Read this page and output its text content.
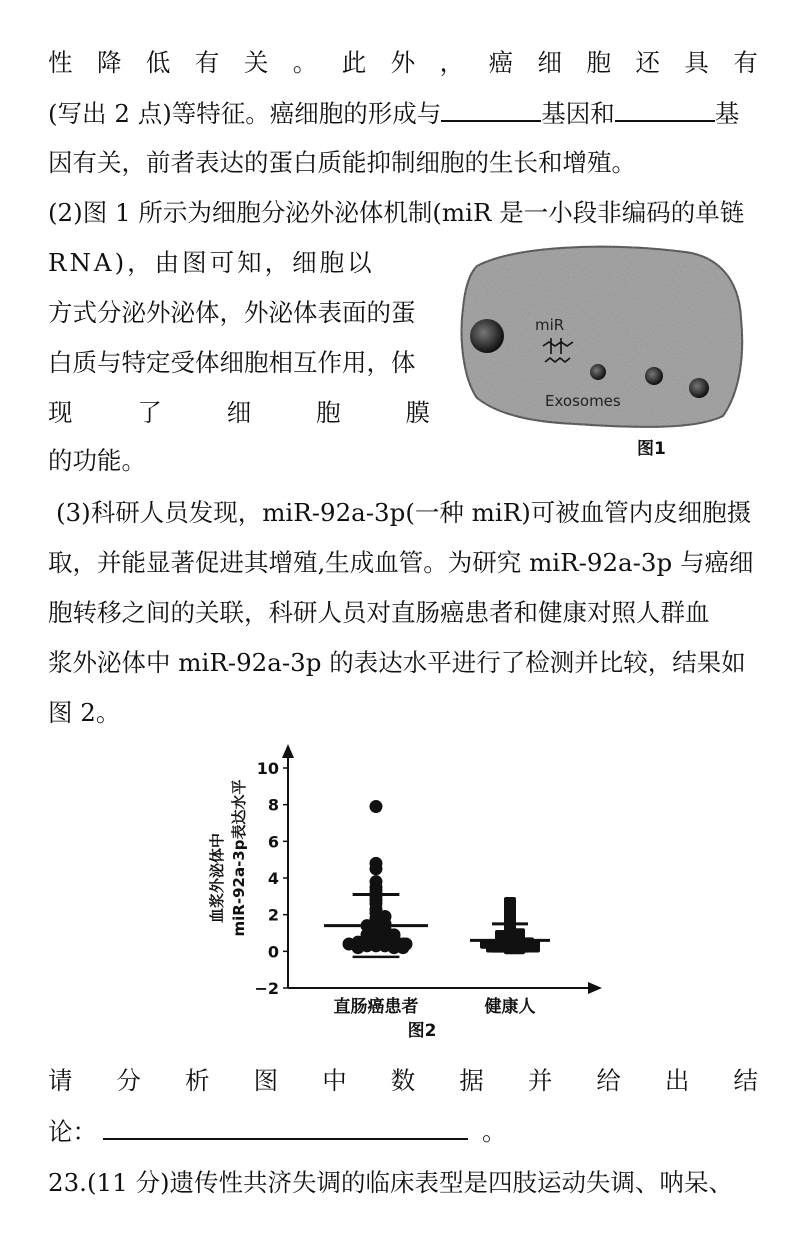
性 降 低 有 关 。 此 外 ， 癌 细 胞 还 具 有
(写出 2 点)等特征。癌细胞的形成与	基因和	基
因有关，前者表达的蛋白质能抑制细胞的生长和增殖。
(2)图 1 所示为细胞分泌外泌体机制(miR 是一小段非编码的单链
RNA)，由图可知，细胞以
方式分泌外泌体，外泌体表面的蛋
白质与特定受体细胞相互作用，体
现	了	细	胞	膜
的功能。
miR
Exosomes
图1
(3)科研人员发现，miR-92a-3p(一种 miR)可被血管内皮细胞摄
取，并能显著促进其增殖,生成血管。为研究 miR-92a-3p 与癌细
胞转移之间的关联，科研人员对直肠癌患者和健康对照人群血
浆外泌体中 miR-92a-3p 的表达水平进行了检测并比较，结果如
图 2。
10
8
6
4
2
0
−2
血浆外泌体中 miR-92a-3p表达水平
直肠癌患者	健康人
图2
请 分 析 图 中 数 据 并 给 出 结
论：	。
23.(11 分)遗传性共济失调的临床表型是四肢运动失调、呐呆、
